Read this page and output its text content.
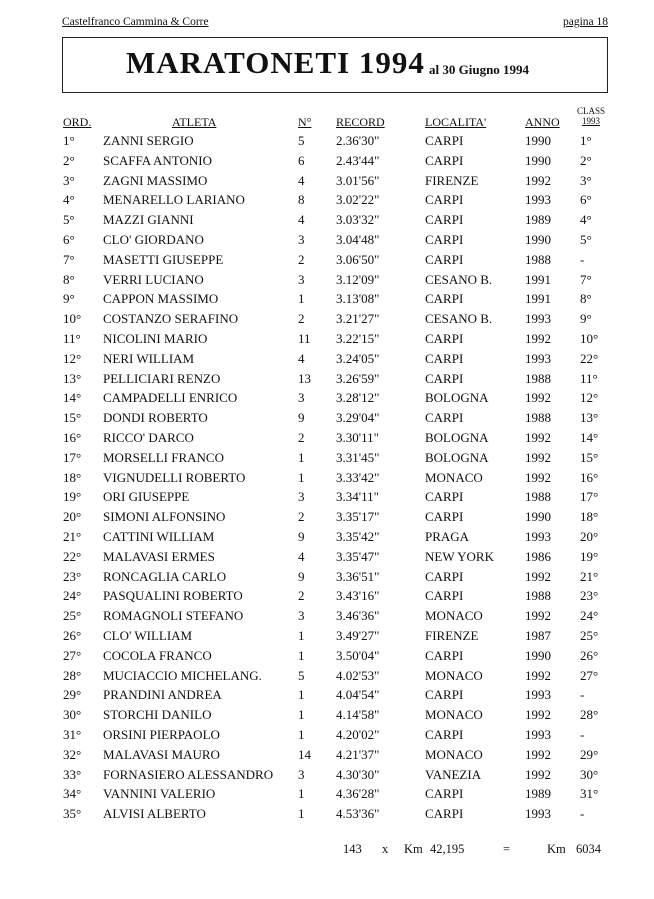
Castelfranco Cammina & Corre	pagina 18
MARATONETI 1994 al 30 Giugno 1994
ORD.	ATLETA	N° RECORD	LOCALITA'	ANNO
CLASS
1993
1° ZANNI SERGIO	5 2.36'30"	CARPI	1990 1°
2° SCAFFA ANTONIO	6 2.43'44"	CARPI	1990 2°
3° ZAGNI MASSIMO	4 3.01'56"	FIRENZE	1992 3°
4° MENARELLO LARIANO	8 3.02'22"	CARPI	1993 6°
5° MAZZI GIANNI	4 3.03'32"	CARPI	1989 4°
6° CLO' GIORDANO	3 3.04'48"	CARPI	1990 5°
7° MASETTI GIUSEPPE	2 3.06'50"	CARPI	1988 -
8° VERRI LUCIANO	3 3.12'09"	CESANO B.	1991 7°
9° CAPPON MASSIMO	1 3.13'08"	CARPI	1991 8°
10° COSTANZO SERAFINO	2 3.21'27"	CESANO B.	1993 9°
11° NICOLINI MARIO	11 3.22'15"	CARPI	1992 10°
12° NERI WILLIAM	4 3.24'05"	CARPI	1993 22°
13° PELLICIARI RENZO	13 3.26'59"	CARPI	1988 11°
14° CAMPADELLI ENRICO	3 3.28'12"	BOLOGNA	1992 12°
15° DONDI ROBERTO	9 3.29'04"	CARPI	1988 13°
16° RICCO' DARCO	2 3.30'11"	BOLOGNA	1992 14°
17° MORSELLI FRANCO	1 3.31'45"	BOLOGNA	1992 15°
18° VIGNUDELLI ROBERTO	1 3.33'42"	MONACO	1992 16°
19° ORI GIUSEPPE	3 3.34'11"	CARPI	1988 17°
20° SIMONI ALFONSINO	2 3.35'17"	CARPI	1990 18°
21° CATTINI WILLIAM	9 3.35'42"	PRAGA	1993 20°
22° MALAVASI ERMES	4 3.35'47"	NEW YORK 1986 19°
23° RONCAGLIA CARLO	9 3.36'51"	CARPI	1992 21°
24° PASQUALINI ROBERTO	2 3.43'16"	CARPI	1988 23°
25° ROMAGNOLI STEFANO	3 3.46'36"	MONACO	1992 24°
26° CLO' WILLIAM	1 3.49'27"	FIRENZE	1987 25°
27° COCOLA FRANCO	1 3.50'04"	CARPI	1990 26°
28° MUCIACCIO MICHELANG.	5 4.02'53"	MONACO	1992 27°
29° PRANDINI ANDREA	1 4.04'54"	CARPI	1993 -
30° STORCHI DANILO	1 4.14'58"	MONACO	1992 28°
31° ORSINI PIERPAOLO	1 4.20'02"	CARPI	1993 -
32° MALAVASI MAURO	14 4.21'37"	MONACO	1992 29°
33° FORNASIERO ALESSANDRO 3 4.30'30"	VANEZIA	1992 30°
34° VANNINI VALERIO	1 4.36'28"	CARPI	1989 31°
35° ALVISI ALBERTO	1 4.53'36"	CARPI	1993 -
143 x Km 42,195	=	Km 6034
